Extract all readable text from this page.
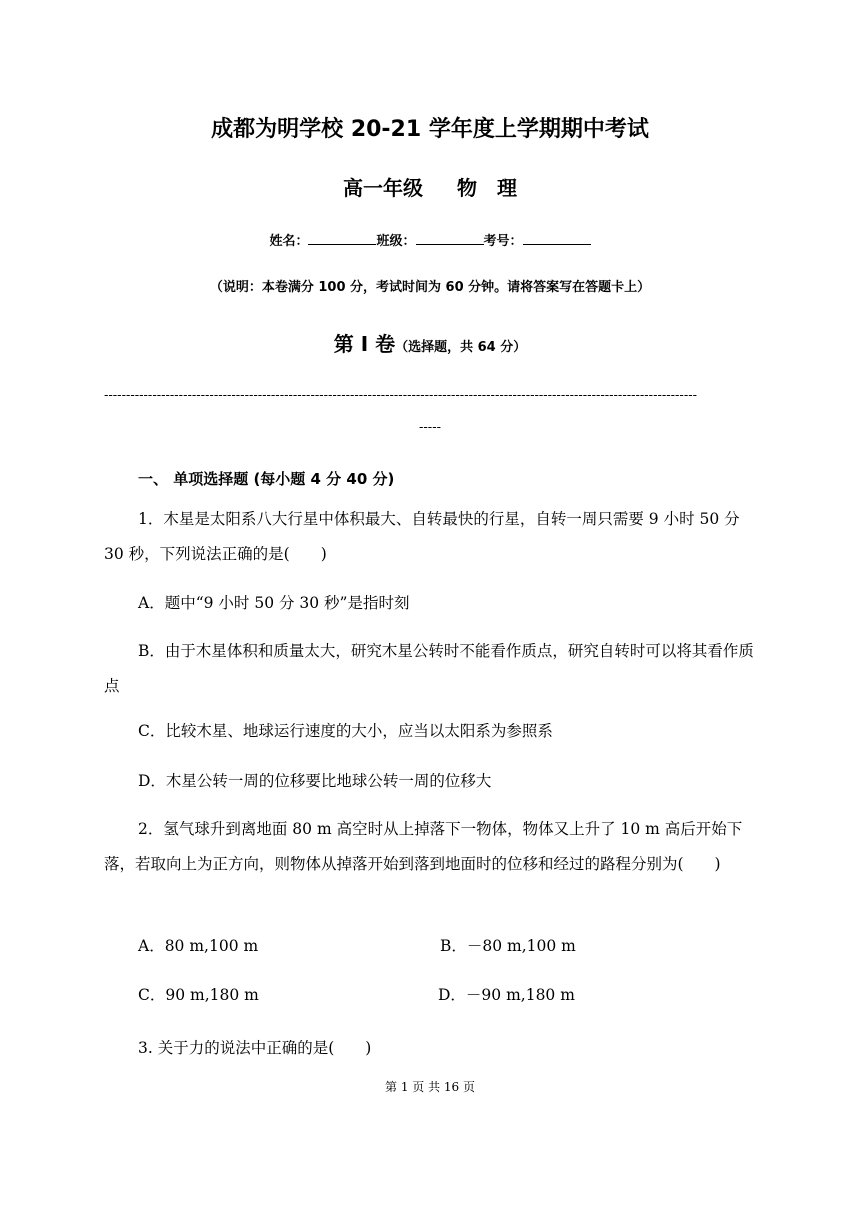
成都为明学校 20-21 学年度上学期期中考试
高一年级 物　理
姓名：	班级：	考号：
（说明：本卷满分 100 分，考试时间为 60 分钟。请将答案写在答题卡上）
第 I 卷（选择题，共 64 分）
---------------------------------------------------------------------------------------------------------------------------------------
-----
一、 单项选择题 (每小题 4 分 40 分)
1．木星是太阳系八大行星中体积最大、自转最快的行星，自转一周只需要 9 小时 50 分 30 秒，下列说法正确的是(　　)
A．题中“9 小时 50 分 30 秒”是指时刻
B．由于木星体积和质量太大，研究木星公转时不能看作质点，研究自转时可以将其看作质点
C．比较木星、地球运行速度的大小，应当以太阳系为参照系
D．木星公转一周的位移要比地球公转一周的位移大
2．氢气球升到离地面 80 m 高空时从上掉落下一物体，物体又上升了 10 m 高后开始下落，若取向上为正方向，则物体从掉落开始到落到地面时的位移和经过的路程分别为(　　)
A．80 m,100 m	B．－80 m,100 m
C．90 m,180 m	D．－90 m,180 m
3. 关于力的说法中正确的是(　　)
第 1 页 共 16 页
